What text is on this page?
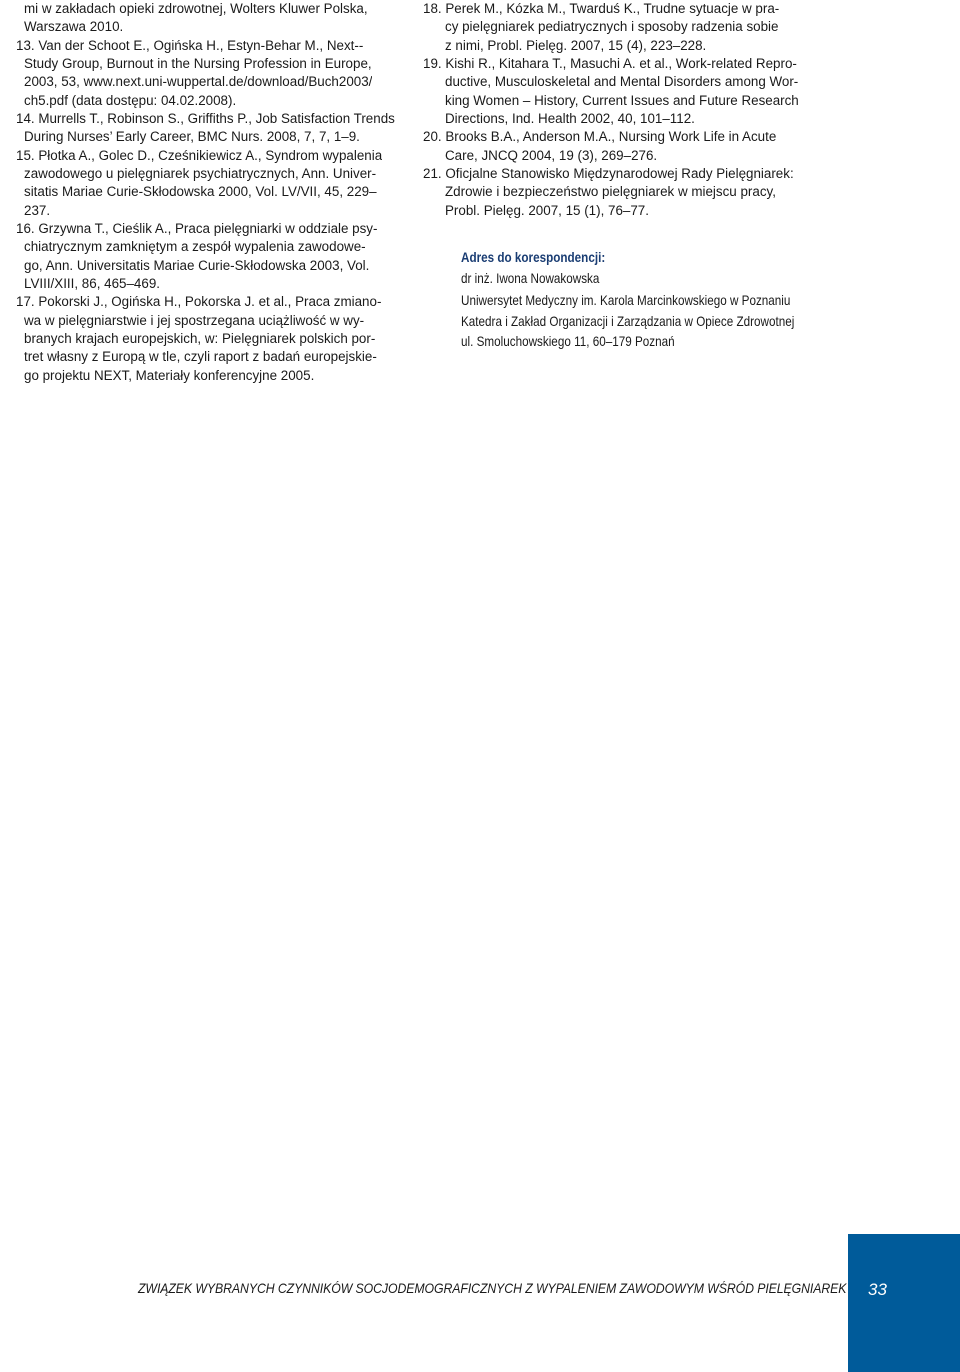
mi w zakładach opieki zdrowotnej, Wolters Kluwer Polska,
Warszawa 2010.
13. Van der Schoot E., Ogińska H., Estyn-Behar M., Next--
Study Group, Burnout in the Nursing Profession in Europe,
2003, 53, www.next.uni-wuppertal.de/download/Buch2003/
ch5.pdf (data dostępu: 04.02.2008).
14. Murrells T., Robinson S., Griffiths P., Job Satisfaction Trends
During Nurses’ Early Career, BMC Nurs. 2008, 7, 7, 1–9.
15. Płotka A., Golec D., Cześnikiewicz A., Syndrom wypalenia
zawodowego u pielęgniarek psychiatrycznych, Ann. Univer-
sitatis Mariae Curie-Skłodowska 2000, Vol. LV/VII, 45, 229–
237.
16. Grzywna T., Cieślik A., Praca pielęgniarki w oddziale psy-
chiatrycznym zamkniętym a zespół wypalenia zawodowe-
go, Ann. Universitatis Mariae Curie-Skłodowska 2003, Vol.
LVIII/XIII, 86, 465–469.
17. Pokorski J., Ogińska H., Pokorska J. et al., Praca zmiano-
wa w pielęgniarstwie i jej spostrzegana uciążliwość w wy-
branych krajach europejskich, w: Pielęgniarek polskich por-
tret własny z Europą w tle, czyli raport z badań europejskie-
go projektu NEXT, Materiały konferencyjne 2005.
18. Perek M., Kózka M., Twarduś K., Trudne sytuacje w pra-
cy pielęgniarek pediatrycznych i sposoby radzenia sobie
z nimi, Probl. Pielęg. 2007, 15 (4), 223–228.
19. Kishi R., Kitahara T., Masuchi A. et al., Work-related Repro-
ductive, Musculoskeletal and Mental Disorders among Wor-
king Women – History, Current Issues and Future Research
Directions, Ind. Health 2002, 40, 101–112.
20. Brooks B.A., Anderson M.A., Nursing Work Life in Acute
Care, JNCQ 2004, 19 (3), 269–276.
21. Oficjalne Stanowisko Międzynarodowej Rady Pielęgniarek:
Zdrowie i bezpieczeństwo pielęgniarek w miejscu pracy,
Probl. Pielęg. 2007, 15 (1), 76–77.
Adres do korespondencji:
dr inż. Iwona Nowakowska
Uniwersytet Medyczny im. Karola Marcinkowskiego w Poznaniu
Katedra i Zakład Organizacji i Zarządzania w Opiece Zdrowotnej
ul. Smoluchowskiego 11, 60–179 Poznań
ZWIĄZEK WYBRANYCH CZYNNIKÓW SOCJODEMOGRAFICZNYCH Z WYPALENIEM ZAWODOWYM WŚRÓD PIELĘGNIAREK 33
